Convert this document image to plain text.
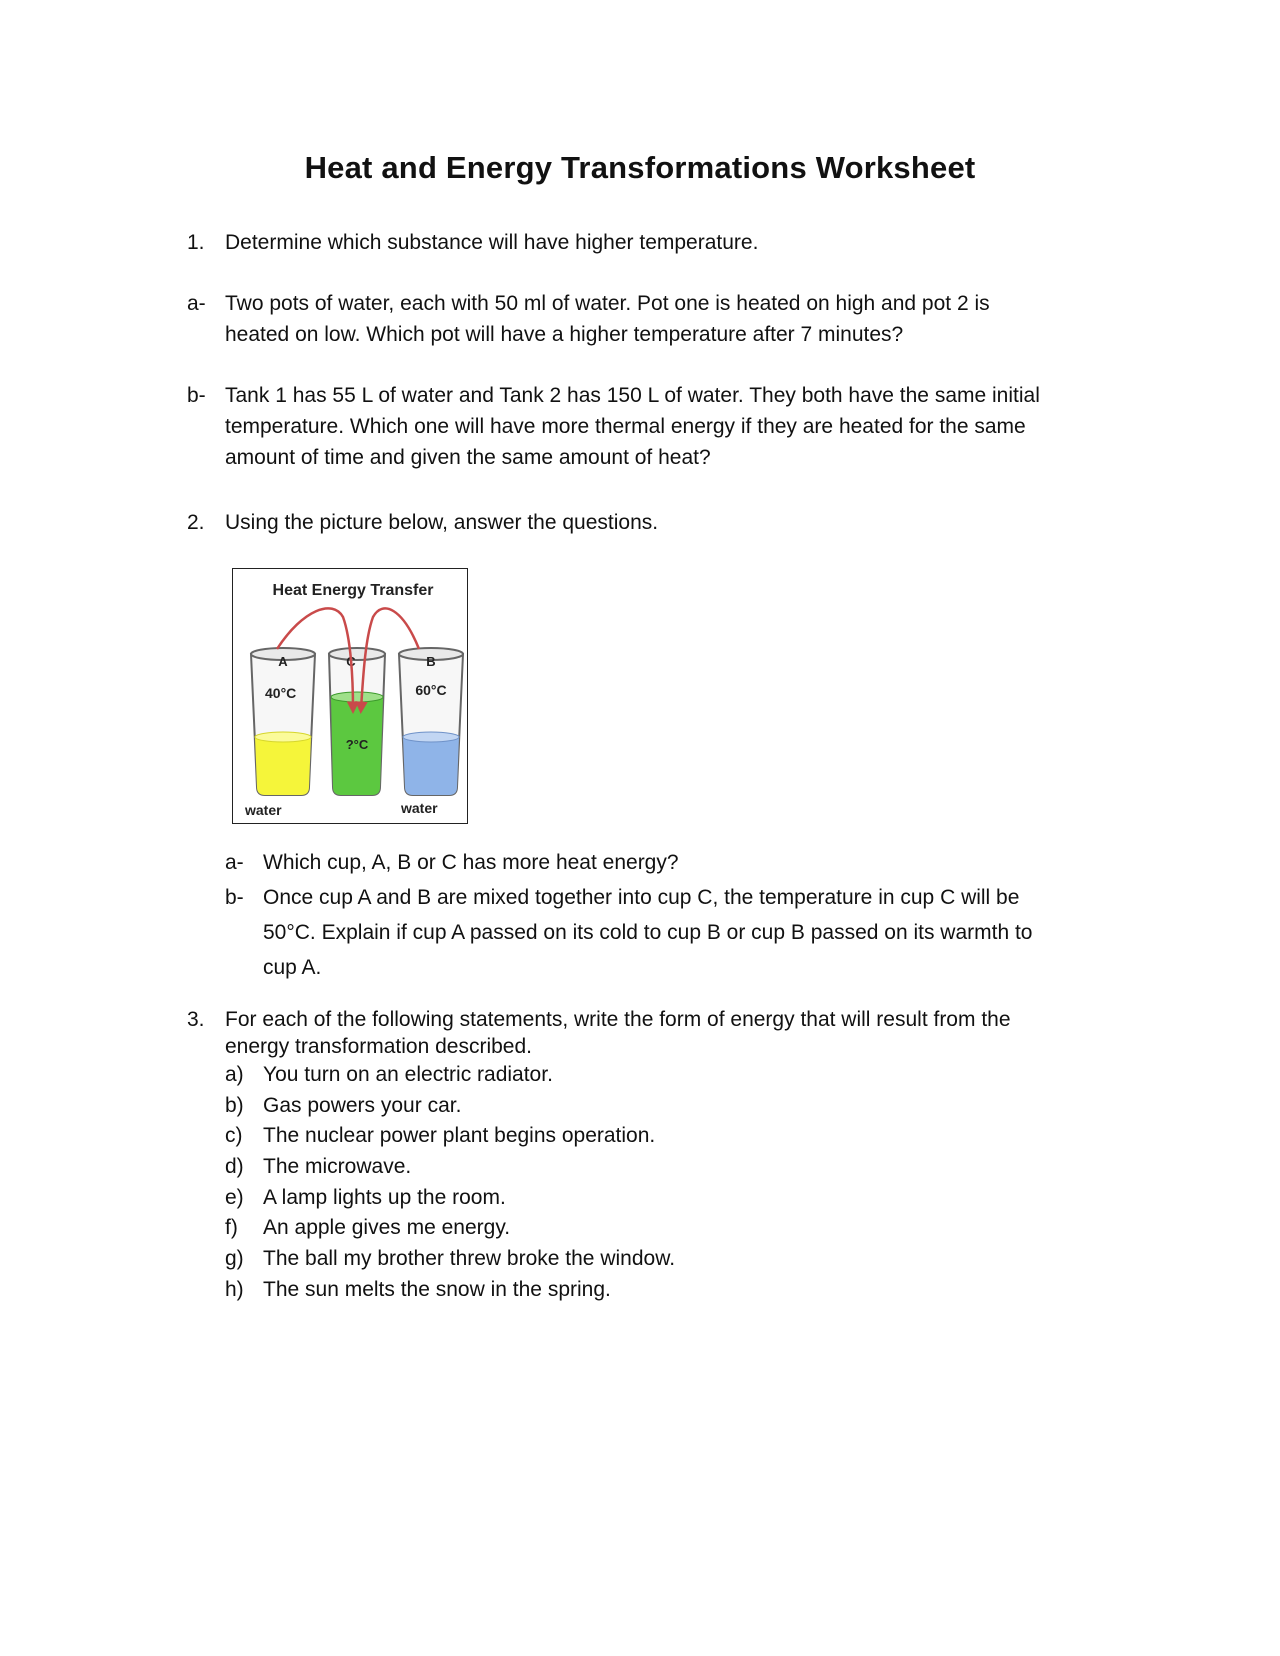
Heat and Energy Transformations Worksheet
1. Determine which substance will have higher temperature.
a- Two pots of water, each with 50 ml of water. Pot one is heated on high and pot 2 is
heated on low. Which pot will have a higher temperature after 7 minutes?
b- Tank 1 has 55 L of water and Tank 2 has 150 L of water. They both have the same initial
temperature. Which one will have more thermal energy if they are heated for the same
amount of time and given the same amount of heat?
2. Using the picture below, answer the questions.
Heat Energy Transfer
A
40°C
C
?°C
B
60°C
water	water
a- Which cup, A, B or C has more heat energy?
b- Once cup A and B are mixed together into cup C, the temperature in cup C will be
50°C. Explain if cup A passed on its cold to cup B or cup B passed on its warmth to
cup A.
3. For each of the following statements, write the form of energy that will result from the
energy transformation described.
a) You turn on an electric radiator.
b) Gas powers your car.
c) The nuclear power plant begins operation.
d) The microwave.
e) A lamp lights up the room.
f) An apple gives me energy.
g) The ball my brother threw broke the window.
h) The sun melts the snow in the spring.
